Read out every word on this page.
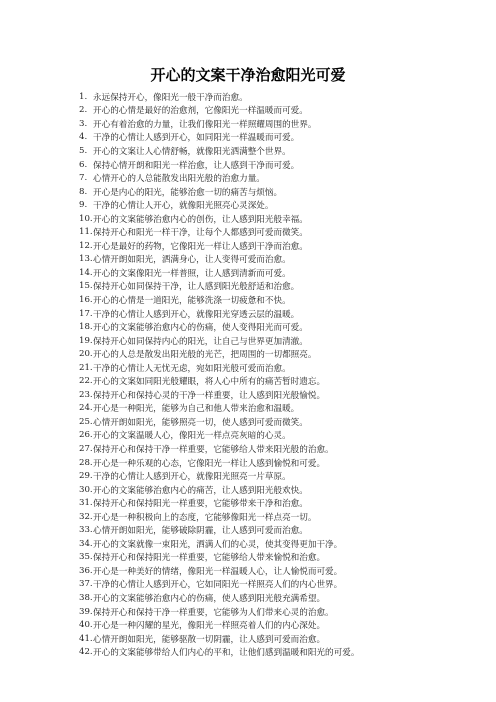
开心的文案干净治愈阳光可爱
1. 永远保持开心，像阳光一般干净而治愈。
2. 开心的心情是最好的治愈剂，它像阳光一样温暖而可爱。
3. 开心有着治愈的力量，让我们像阳光一样照耀周围的世界。
4. 干净的心情让人感到开心，如同阳光一样温暖而可爱。
5. 开心的文案让人心情舒畅，就像阳光洒满整个世界。
6. 保持心情开朗和阳光一样治愈，让人感到干净而可爱。
7. 心情开心的人总能散发出阳光般的治愈力量。
8. 开心是内心的阳光，能够治愈一切的痛苦与烦恼。
9. 干净的心情让人开心，就像阳光照亮心灵深处。
10. 开心的文案能够治愈内心的创伤，让人感到阳光般幸福。
11. 保持开心和阳光一样干净，让每个人都感到可爱而微笑。
12. 开心是最好的药物，它像阳光一样让人感到干净而治愈。
13. 心情开朗如阳光，洒满身心，让人变得可爱而治愈。
14. 开心的文案像阳光一样普照，让人感到清新而可爱。
15. 保持开心如同保持干净，让人感到阳光般舒适和治愈。
16. 开心的心情是一道阳光，能够洗涤一切疲惫和不快。
17. 干净的心情让人感到开心，就像阳光穿透云层的温暖。
18. 开心的文案能够治愈内心的伤痛，使人变得阳光而可爱。
19. 保持开心如同保持内心的阳光，让自己与世界更加清澈。
20. 开心的人总是散发出阳光般的光芒，把周围的一切都照亮。
21. 干净的心情让人无忧无虑，宛如阳光般可爱而治愈。
22. 开心的文案如同阳光般耀眼，将人心中所有的痛苦暂时遗忘。
23. 保持开心和保持心灵的干净一样重要，让人感到阳光般愉悦。
24. 开心是一种阳光，能够为自己和他人带来治愈和温暖。
25. 心情开朗如阳光，能够照亮一切，使人感到可爱而微笑。
26. 开心的文案温暖人心，像阳光一样点亮灰暗的心灵。
27. 保持开心和保持干净一样重要，它能够给人带来阳光般的治愈。
28. 开心是一种乐观的心态，它像阳光一样让人感到愉悦和可爱。
29. 干净的心情让人感到开心，就像阳光照亮一片草原。
30. 开心的文案能够治愈内心的痛苦，让人感到阳光般欢快。
31. 保持开心和保持阳光一样重要，它能够带来干净和治愈。
32. 开心是一种积极向上的态度，它能够像阳光一样点亮一切。
33. 心情开朗如阳光，能够破除阴霾，让人感到可爱而治愈。
34. 开心的文案就像一束阳光，洒满人们的心灵，使其变得更加干净。
35. 保持开心和保持阳光一样重要，它能够给人带来愉悦和治愈。
36. 开心是一种美好的情绪，像阳光一样温暖人心，让人愉悦而可爱。
37. 干净的心情让人感到开心，它如同阳光一样照亮人们的内心世界。
38. 开心的文案能够治愈内心的伤痛，使人感到阳光般充满希望。
39. 保持开心和保持干净一样重要，它能够为人们带来心灵的治愈。
40. 开心是一种闪耀的星光，像阳光一样照亮着人们的内心深处。
41. 心情开朗如阳光，能够驱散一切阴霾，让人感到可爱而治愈。
42. 开心的文案能够带给人们内心的平和，让他们感到温暖和阳光的可爱。
